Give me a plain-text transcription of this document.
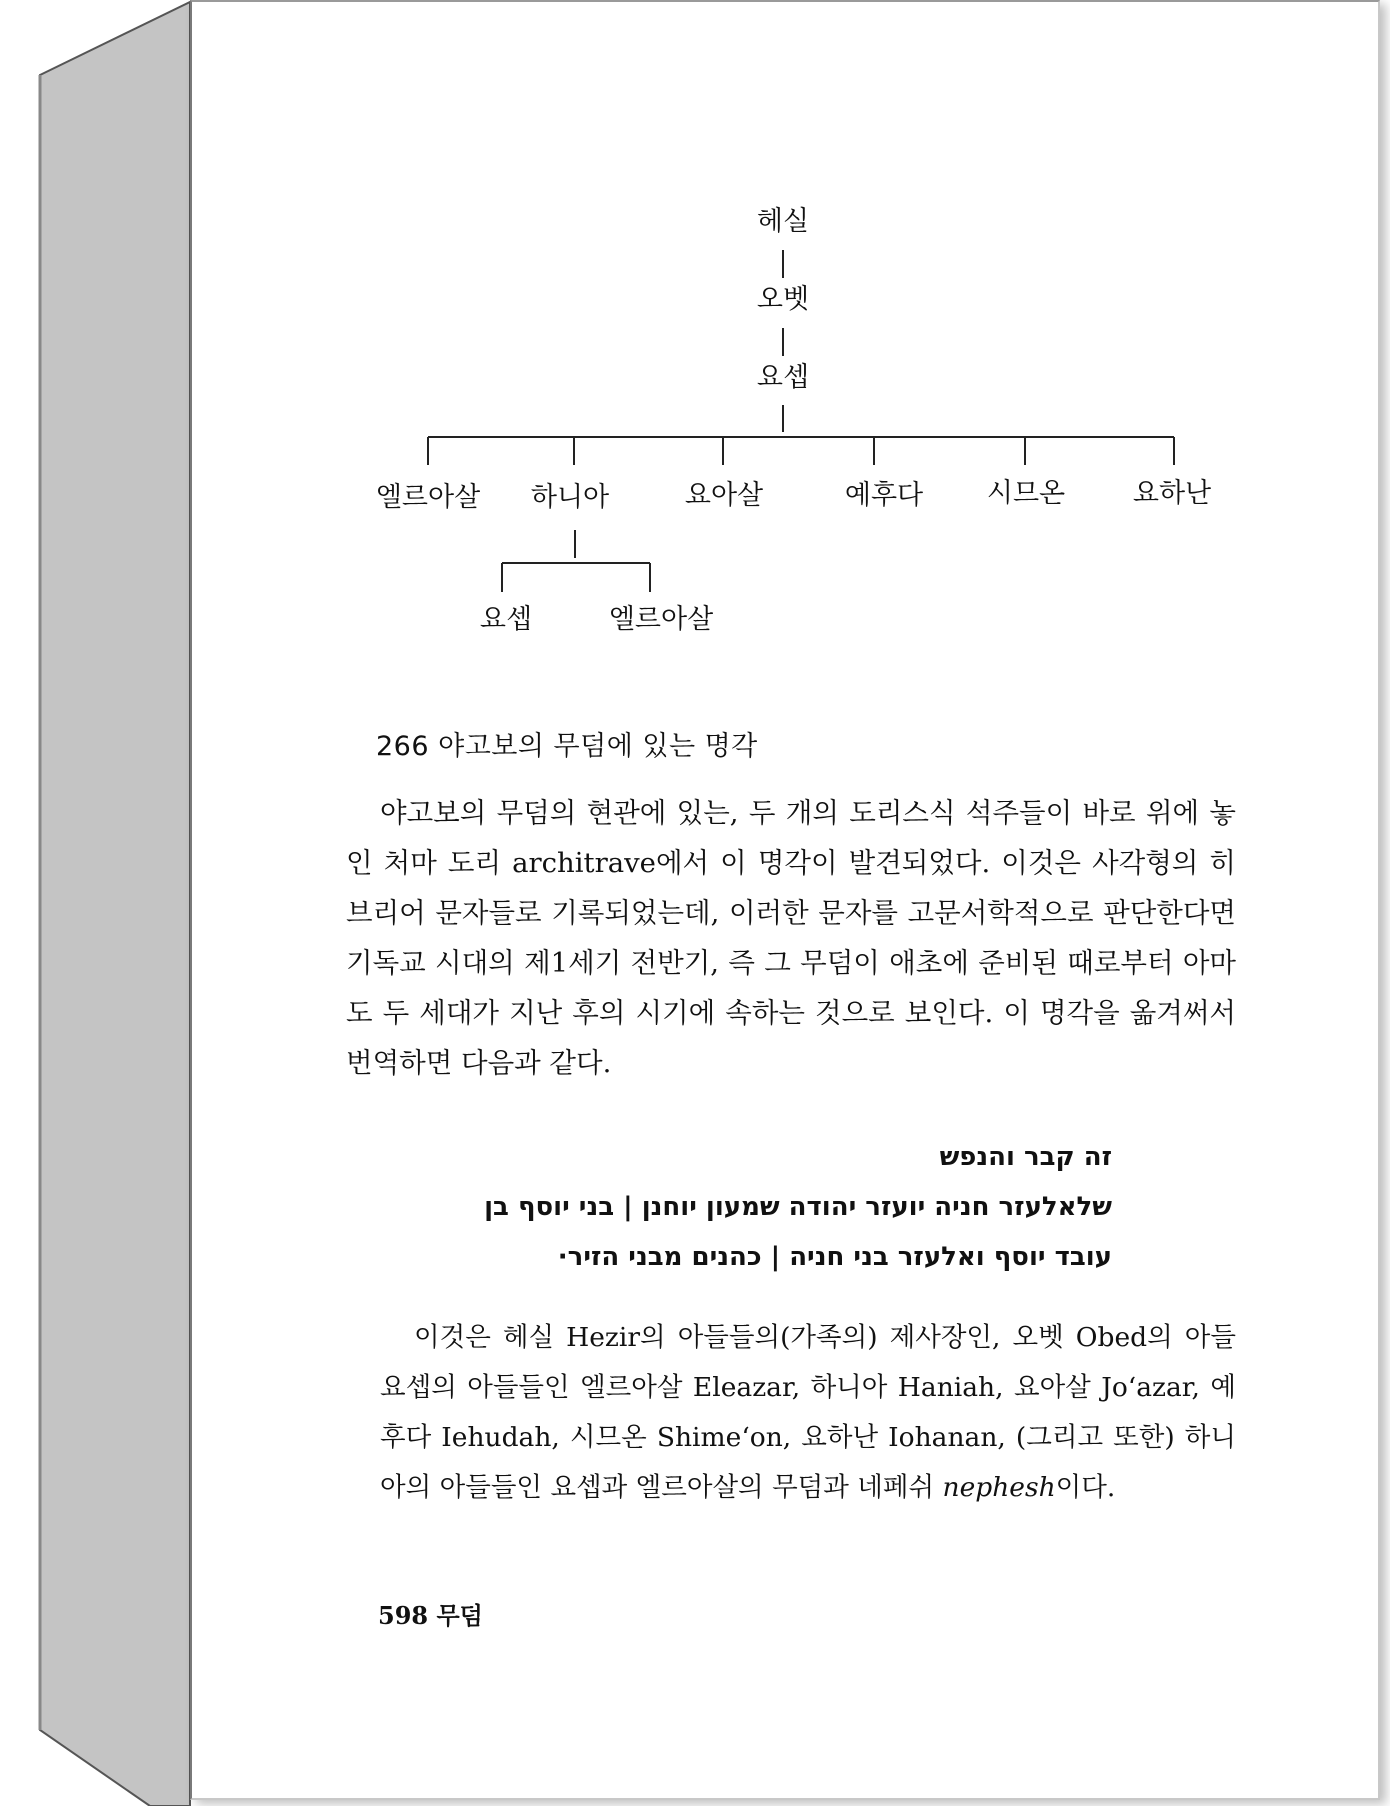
헤실
오벳
요셉
엘르아살 하니아	요아살	예후다 시므온	요하난
요셉	엘르아살
266 야고보의 무덤에 있는 명각
야고보의 무덤의 현관에 있는, 두 개의 도리스식 석주들이 바로 위에 놓인 처마 도리 architrave에서 이 명각이 발견되었다. 이것은 사각형의 히브리어 문자들로 기록되었는데, 이러한 문자를 고문서학적으로 판단한다면 기독교 시대의 제1세기 전반기, 즉 그 무덤이 애초에 준비된 때로부터 아마도 두 세대가 지난 후의 시기에 속하는 것으로 보인다. 이 명각을 옮겨써서 번역하면 다음과 같다.
זה קבר והנפש
שלאלעזר חניה יועזר יהודה שמעון יוחנן | בני יוסף בן
עובד יוסף ואלעזר בני חניה | כהנים מבני הזיר·
이것은 헤실 Hezir의 아들들의(가족의) 제사장인, 오벳 Obed의 아들 요셉의 아들들인 엘르아살 Eleazar, 하니아 Haniah, 요아살 Jo‘azar, 예후다 Iehudah, 시므온 Shime‘on, 요하난 Iohanan, (그리고 또한) 하니아의 아들들인 요셉과 엘르아살의 무덤과 네페쉬 nephesh이다.
598 무덤
